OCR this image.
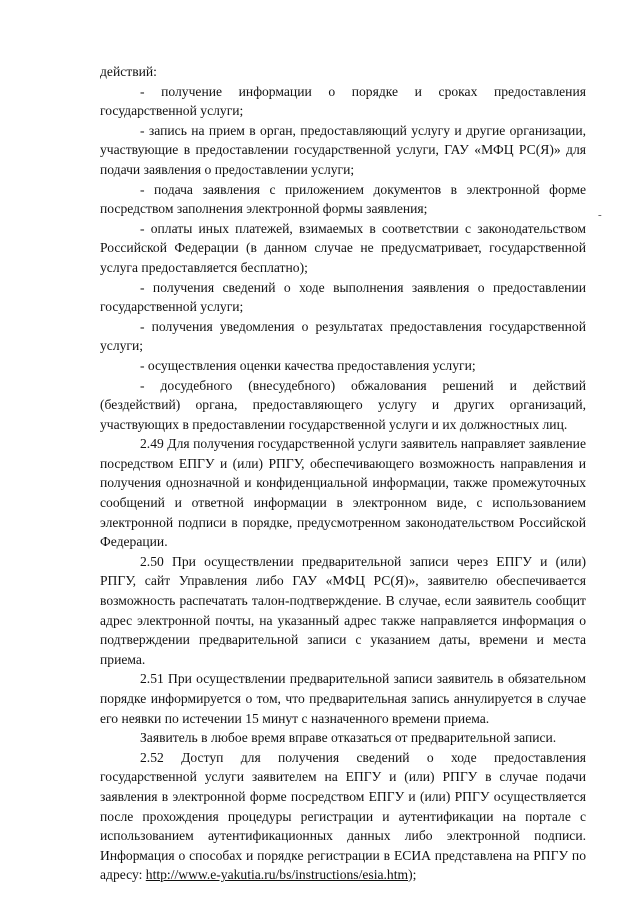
действий:

- получение информации о порядке и сроках предоставления государственной услуги;

- запись на прием в орган, предоставляющий услугу и другие организации, участвующие в предоставлении государственной услуги, ГАУ «МФЦ РС(Я)» для подачи заявления о предоставлении услуги;

- подача заявления с приложением документов в электронной форме посредством заполнения электронной формы заявления;

- оплаты иных платежей, взимаемых в соответствии с законодательством Российской Федерации (в данном случае не предусматривает, государственной услуга предоставляется бесплатно);

- получения сведений о ходе выполнения заявления о предоставлении государственной услуги;

- получения уведомления о результатах предоставления государственной услуги;

- осуществления оценки качества предоставления услуги;

- досудебного (внесудебного) обжалования решений и действий (бездействий) органа, предоставляющего услугу и других организаций, участвующих в предоставлении государственной услуги и их должностных лиц.

2.49 Для получения государственной услуги заявитель направляет заявление посредством ЕПГУ и (или) РПГУ, обеспечивающего возможность направления и получения однозначной и конфиденциальной информации, также промежуточных сообщений и ответной информации в электронном виде, с использованием электронной подписи в порядке, предусмотренном законодательством Российской Федерации.

2.50 При осуществлении предварительной записи через ЕПГУ и (или) РПГУ, сайт Управления либо ГАУ «МФЦ РС(Я)», заявителю обеспечивается возможность распечатать талон-подтверждение. В случае, если заявитель сообщит адрес электронной почты, на указанный адрес также направляется информация о подтверждении предварительной записи с указанием даты, времени и места приема.

2.51 При осуществлении предварительной записи заявитель в обязательном порядке информируется о том, что предварительная запись аннулируется в случае его неявки по истечении 15 минут с назначенного времени приема.

Заявитель в любое время вправе отказаться от предварительной записи.

2.52 Доступ для получения сведений о ходе предоставления государственной услуги заявителем на ЕПГУ и (или) РПГУ в случае подачи заявления в электронной форме посредством ЕПГУ и (или) РПГУ осуществляется после прохождения процедуры регистрации и аутентификации на портале с использованием аутентификационных данных либо электронной подписи. Информация о способах и порядке регистрации в ЕСИА представлена на РПГУ по адресу: http://www.e-yakutia.ru/bs/instructions/esia.htm);

-
